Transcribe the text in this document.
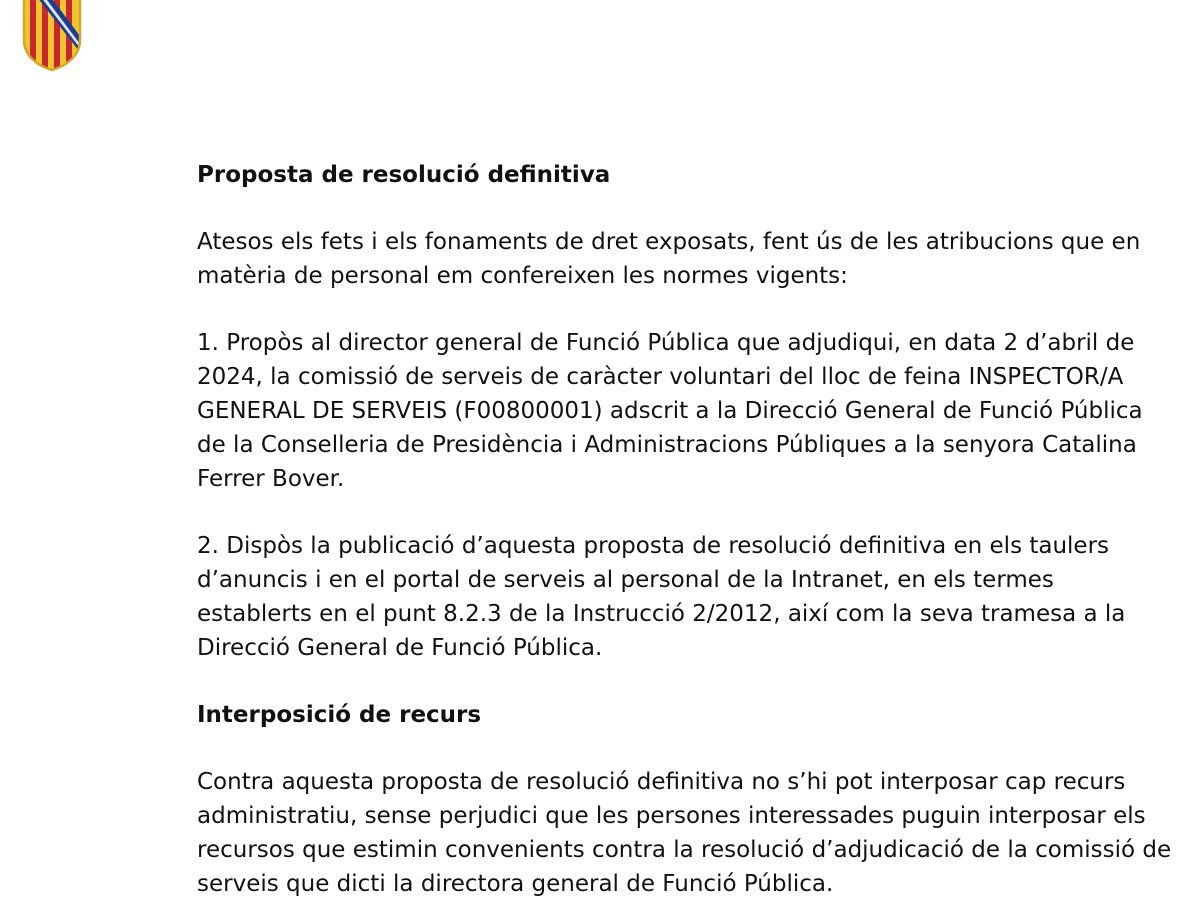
Proposta de resolució definitiva

Atesos els fets i els fonaments de dret exposats, fent ús de les atribucions que en matèria de personal em confereixen les normes vigents:

1. Propòs al director general de Funció Pública que adjudiqui, en data 2 d’abril de 2024, la comissió de serveis de caràcter voluntari del lloc de feina INSPECTOR/A GENERAL DE SERVEIS (F00800001) adscrit a la Direcció General de Funció Pública de la Conselleria de Presidència i Administracions Públiques a la senyora Catalina Ferrer Bover.

2. Dispòs la publicació d’aquesta proposta de resolució definitiva en els taulers d’anuncis i en el portal de serveis al personal de la Intranet, en els termes establerts en el punt 8.2.3 de la Instrucció 2/2012, així com la seva tramesa a la Direcció General de Funció Pública.

Interposició de recurs

Contra aquesta proposta de resolució definitiva no s’hi pot interposar cap recurs administratiu, sense perjudici que les persones interessades puguin interposar els recursos que estimin convenients contra la resolució d’adjudicació de la comissió de serveis que dicti la directora general de Funció Pública.
